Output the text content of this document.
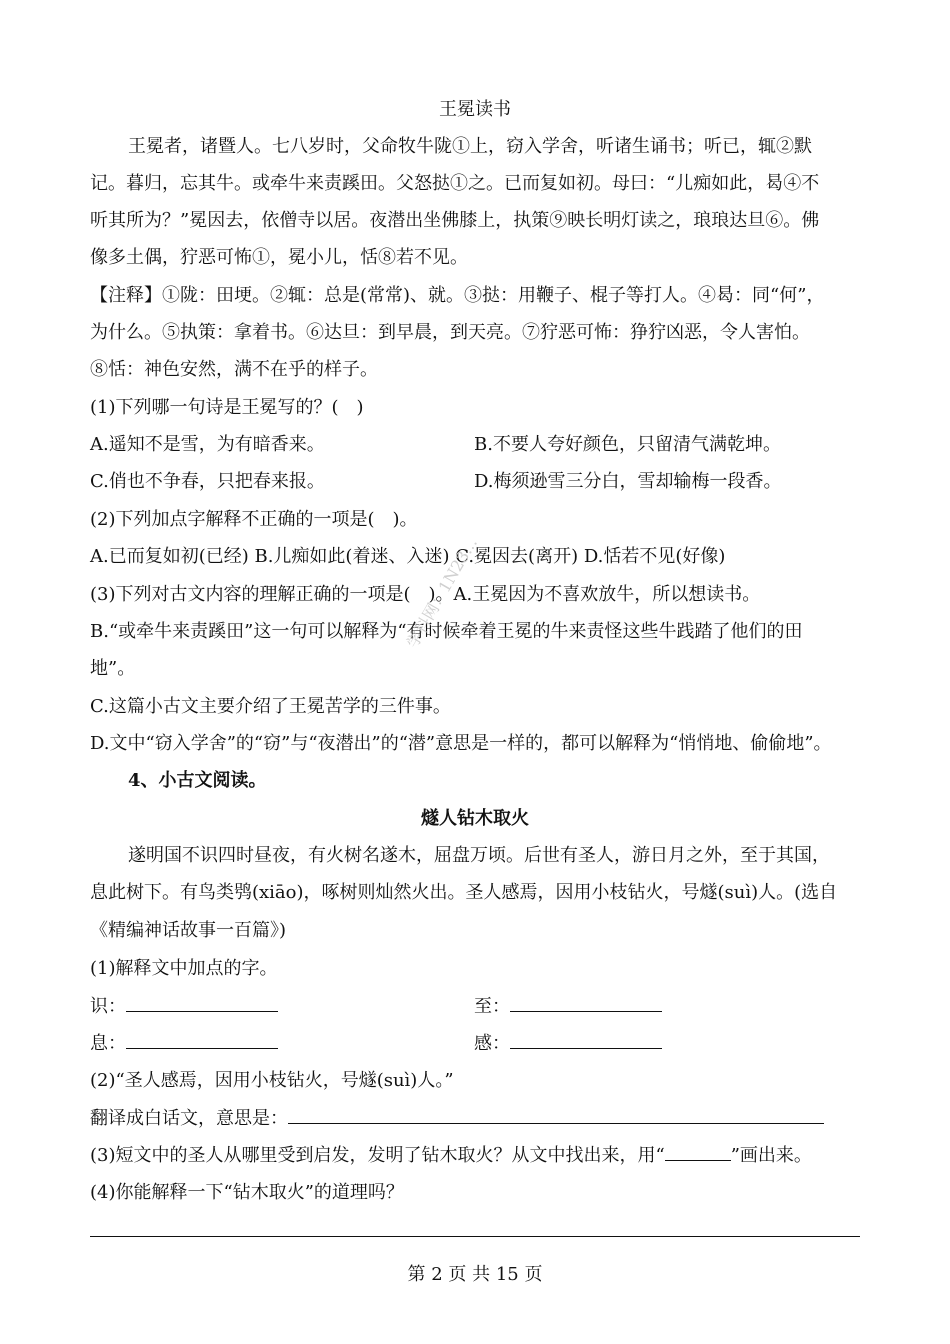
王冕读书
王冕者，诸暨人。七八岁时，父命牧牛陇①上，窃入学舍，听诸生诵书；听已，辄②默
记。暮归，忘其牛。或牵牛来责蹊田。父怒挞①之。已而复如初。母曰：“儿痴如此，曷④不
听其所为？”冕因去，依僧寺以居。夜潜出坐佛膝上，执策⑨映长明灯读之，琅琅达旦⑥。佛
像多土偶，狞恶可怖①，冕小儿，恬⑧若不见。
【注释】①陇：田埂。②辄：总是(常常)、就。③挞：用鞭子、棍子等打人。④曷：同“何”，
为什么。⑤执策：拿着书。⑥达旦：到早晨，到天亮。⑦狞恶可怖：狰狞凶恶，令人害怕。
⑧恬：神色安然，满不在乎的样子。
(1)下列哪一句诗是王冕写的？(　)
A.遥知不是雪，为有暗香来。	B.不要人夸好颜色，只留清气满乾坤。
C.俏也不争春，只把春来报。	D.梅须逊雪三分白，雪却输梅一段香。
(2)下列加点字解释不正确的一项是(　)。
A.已而复如初(已经) B.儿痴如此(着迷、入迷) C.冕因去(离开) D.恬若不见(好像)
(3)下列对古文内容的理解正确的一项是(　)。A.王冕因为不喜欢放牛，所以想读书。
B.“或牵牛来责蹊田”这一句可以解释为“有时候牵着王冕的牛来责怪这些牛践踏了他们的田
地”。
C.这篇小古文主要介绍了王冕苦学的三件事。
D.文中“窃入学舍”的“窃”与“夜潜出”的“潜”意思是一样的，都可以解释为“悄悄地、偷偷地”。
4、小古文阅读。
燧人钻木取火
遂明国不识四时昼夜，有火树名遂木，屈盘万顷。后世有圣人，游日月之外，至于其国，
息此树下。有鸟类鸮(xiāo)，啄树则灿然火出。圣人感焉，因用小枝钻火，号燧(suì)人。(选自
《精编神话故事一百篇》)
(1)解释文中加点的字。
识：	至：
息：	感：
(2)“圣人感焉，因用小枝钻火，号燧(suì)人。”
翻译成白话文，意思是：
(3)短文中的圣人从哪里受到启发，发明了钻木取火？从文中找出来，用“	”画出来。
(4)你能解释一下“钻木取火”的道理吗？
第 2 页 共 15 页
学科网：1N23...
